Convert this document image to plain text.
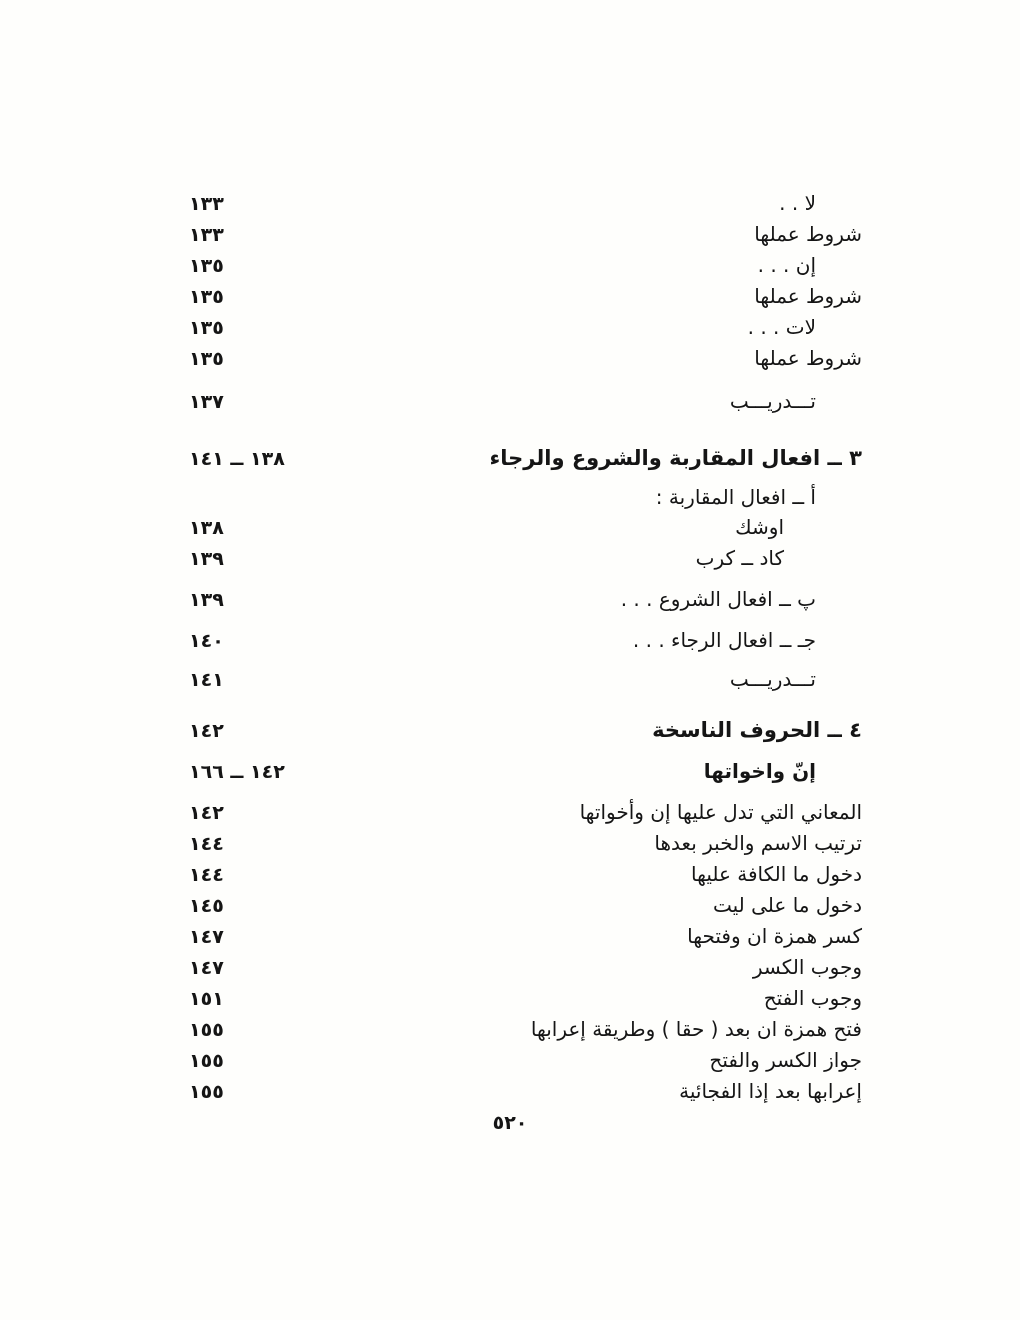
١٣٣	لا . .
١٣٣	شروط عملها
١٣٥	إن . . .
١٣٥	شروط عملها
١٣٥	لات . . .
١٣٥	شروط عملها
١٣٧	تـــدريـــب
١٣٨ ــ ١٤١	٣ ــ افعال المقاربة والشروع والرجاء
أ ــ افعال المقاربة :
١٣٨	اوشك
١٣٩	كاد ــ كرب
١٣٩	پ ــ افعال الشروع . . .
١٤٠	جـ ــ افعال الرجاء . . .
١٤١	تـــدريـــب
١٤٢	٤ ــ الحروف الناسخة
١٤٢ ــ ١٦٦	إنّ واخواتها
١٤٢	المعاني التي تدل عليها إن وأخواتها
١٤٤	ترتيب الاسم والخبر بعدها
١٤٤	دخول ما الكافة عليها
١٤٥	دخول ما على ليت
١٤٧	كسر همزة ان وفتحها
١٤٧	وجوب الكسر
١٥١	وجوب الفتح
١٥٥	فتح همزة ان بعد ( حقا ) وطريقة إعرابها
١٥٥	جواز الكسر والفتح
١٥٥	إعرابها بعد إذا الفجائية
٥٢٠
